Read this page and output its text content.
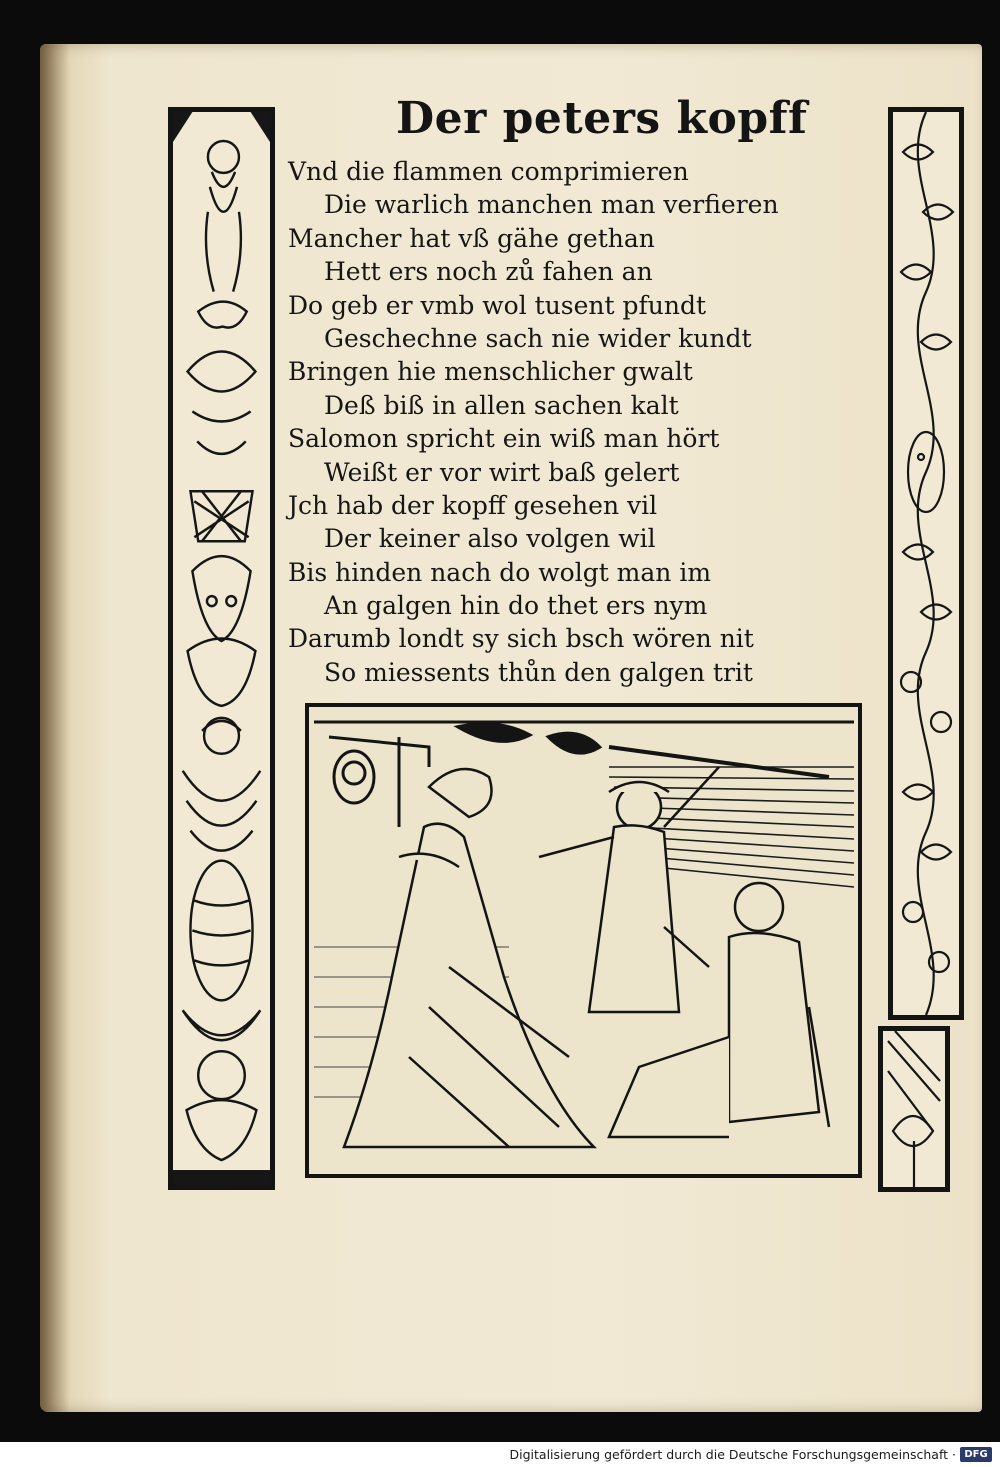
Der peters kopff
Vnd die flammen comprimieren
Die warlich manchen man verfieren
Mancher hat vß gähe gethan
Hett ers noch zů fahen an
Do geb er vmb wol tusent pfundt
Geschechne sach nie wider kundt
Bringen hie menschlicher gwalt
Deß biß in allen sachen kalt
Salomon spricht ein wiß man hört
Weißt er vor wirt baß gelert
Jch hab der kopff gesehen vil
Der keiner also volgen wil
Bis hinden nach do wolgt man im
An galgen hin do thet ers nym
Darumb londt sy sich bsch wören nit
So miessents thůn den galgen trit
Digitalisierung gefördert durch die Deutsche Forschungsgemeinschaft · DFG
